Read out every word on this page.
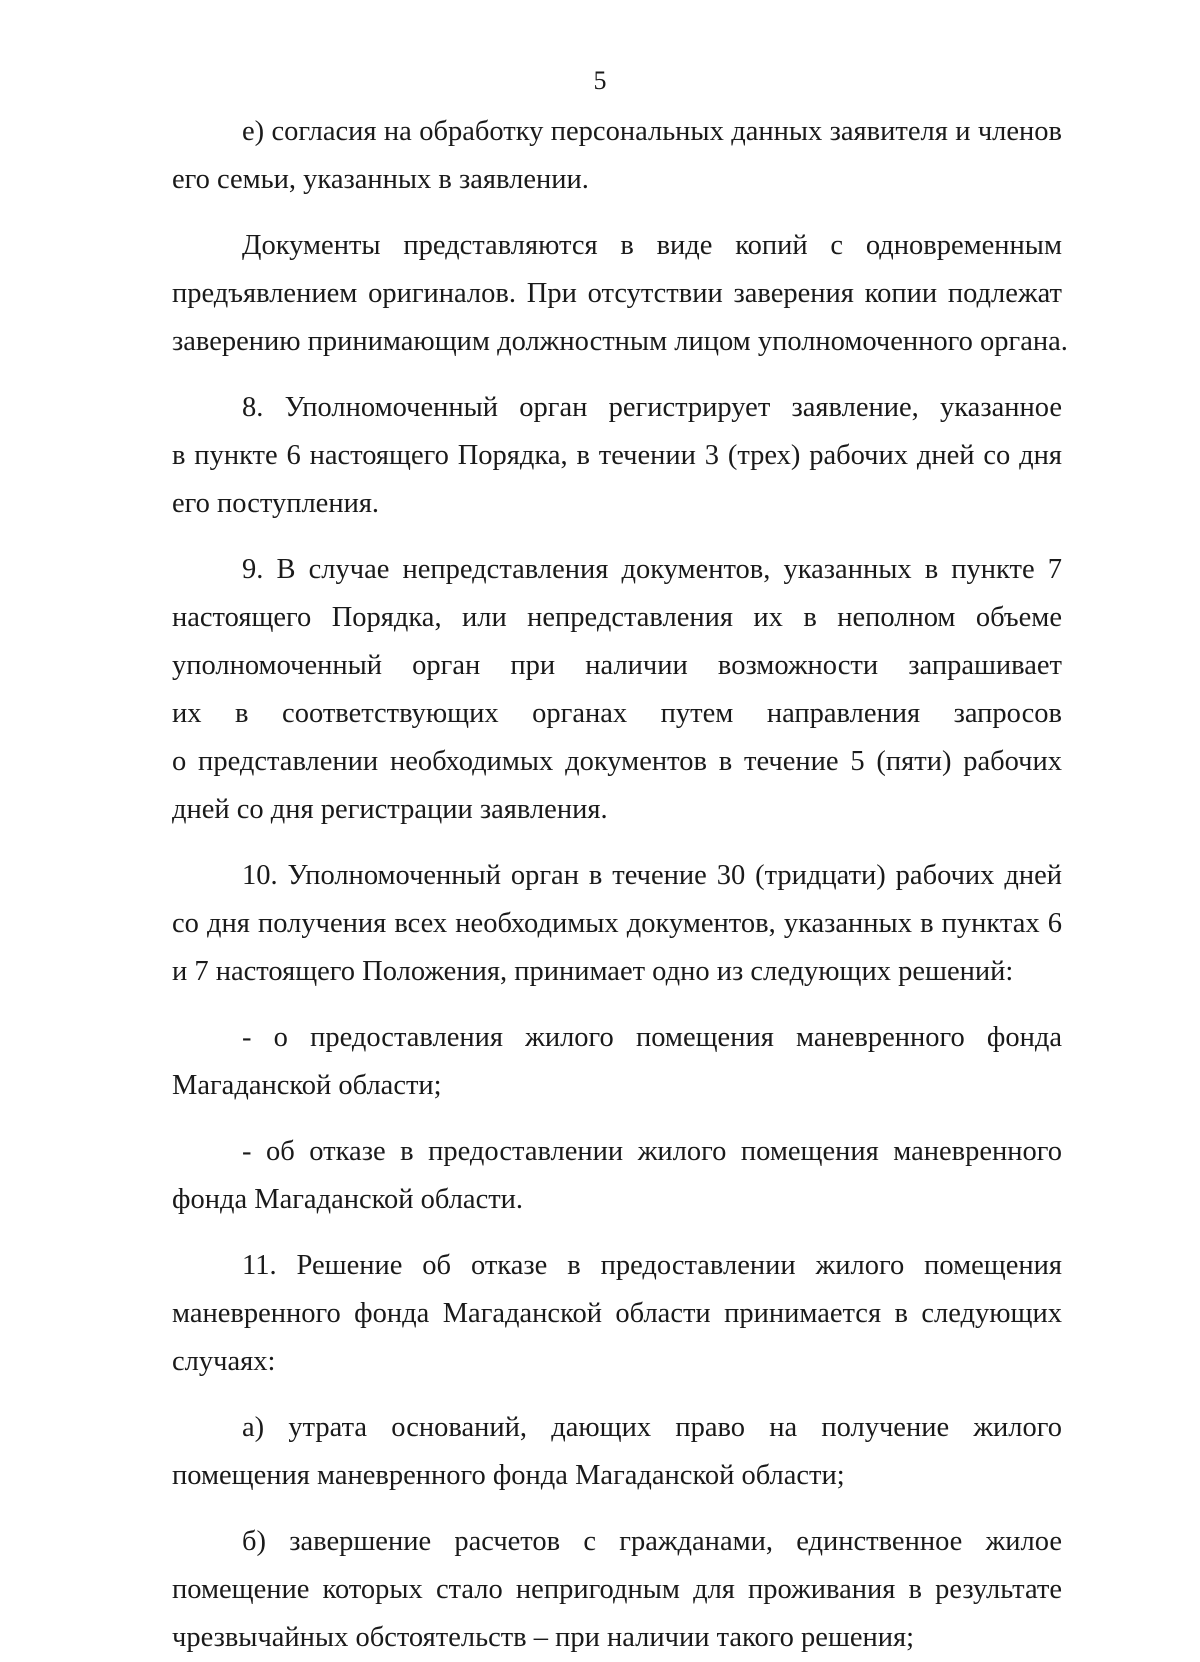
5
е) согласия на обработку персональных данных заявителя и членов
его семьи, указанных в заявлении.
Документы представляются в виде копий с одновременным
предъявлением оригиналов. При отсутствии заверения копии подлежат
заверению принимающим должностным лицом уполномоченного органа.
8. Уполномоченный орган регистрирует заявление, указанное
в пункте 6 настоящего Порядка, в течении 3 (трех) рабочих дней со дня
его поступления.
9. В случае непредставления документов, указанных в пункте 7
настоящего Порядка, или непредставления их в неполном объеме
уполномоченный орган при наличии возможности запрашивает
их в соответствующих органах путем направления запросов
о представлении необходимых документов в течение 5 (пяти) рабочих
дней со дня регистрации заявления.
10. Уполномоченный орган в течение 30 (тридцати) рабочих дней
со дня получения всех необходимых документов, указанных в пунктах 6
и 7 настоящего Положения, принимает одно из следующих решений:
- о предоставления жилого помещения маневренного фонда
Магаданской области;
- об отказе в предоставлении жилого помещения маневренного
фонда Магаданской области.
11. Решение об отказе в предоставлении жилого помещения
маневренного фонда Магаданской области принимается в следующих
случаях:
а) утрата оснований, дающих право на получение жилого
помещения маневренного фонда Магаданской области;
б) завершение расчетов с гражданами, единственное жилое
помещение которых стало непригодным для проживания в результате
чрезвычайных обстоятельств – при наличии такого решения;
